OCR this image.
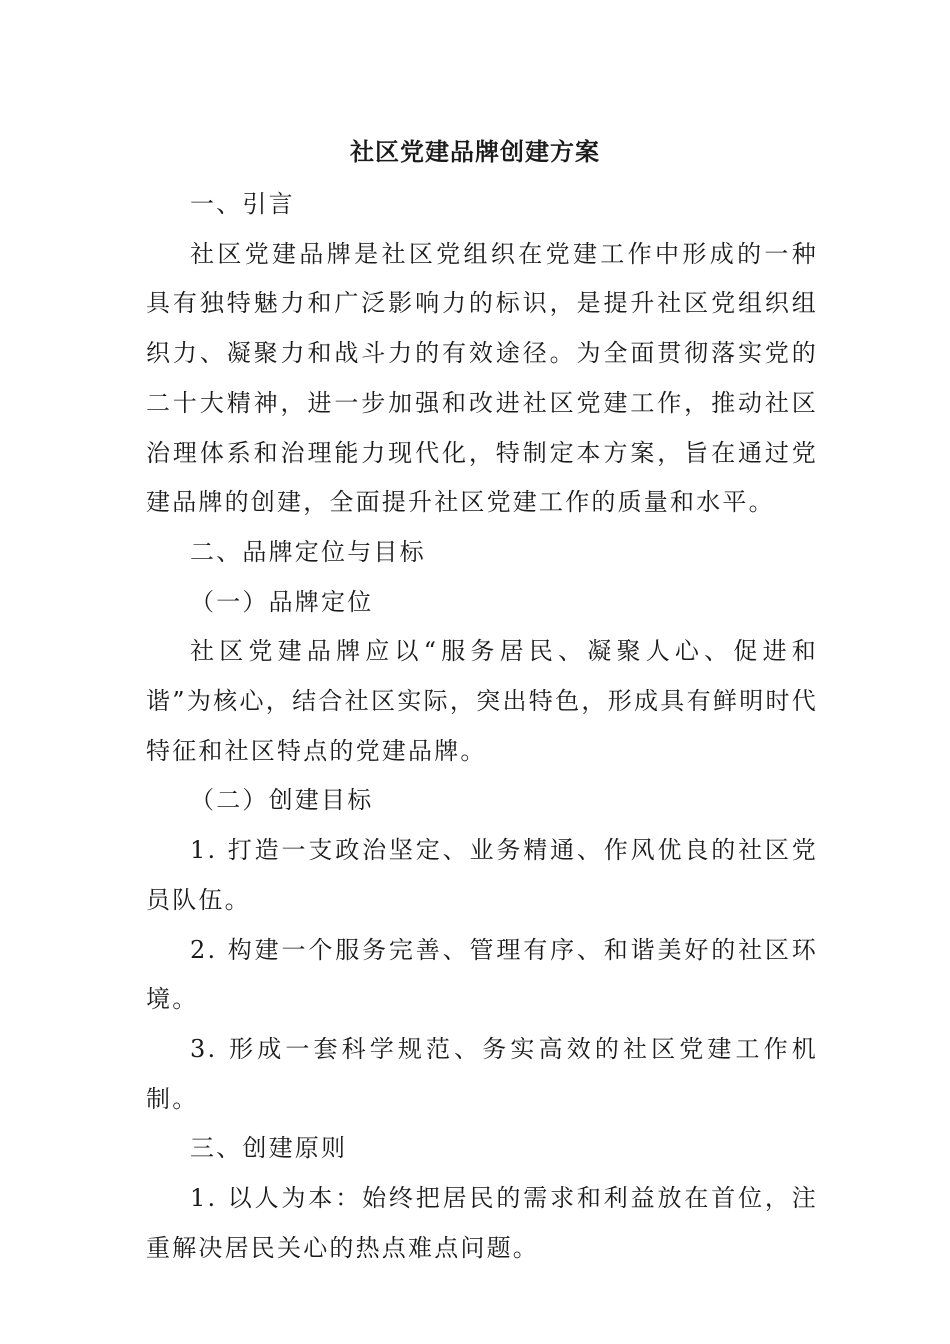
社区党建品牌创建方案

一、引言

社区党建品牌是社区党组织在党建工作中形成的一种具有独特魅力和广泛影响力的标识，是提升社区党组织组织力、凝聚力和战斗力的有效途径。为全面贯彻落实党的二十大精神，进一步加强和改进社区党建工作，推动社区治理体系和治理能力现代化，特制定本方案，旨在通过党建品牌的创建，全面提升社区党建工作的质量和水平。

二、品牌定位与目标

（一）品牌定位

社区党建品牌应以“服务居民、凝聚人心、促进和谐”为核心，结合社区实际，突出特色，形成具有鲜明时代特征和社区特点的党建品牌。

（二）创建目标

1. 打造一支政治坚定、业务精通、作风优良的社区党员队伍。

2. 构建一个服务完善、管理有序、和谐美好的社区环境。

3. 形成一套科学规范、务实高效的社区党建工作机制。

三、创建原则

1. 以人为本：始终把居民的需求和利益放在首位，注重解决居民关心的热点难点问题。
